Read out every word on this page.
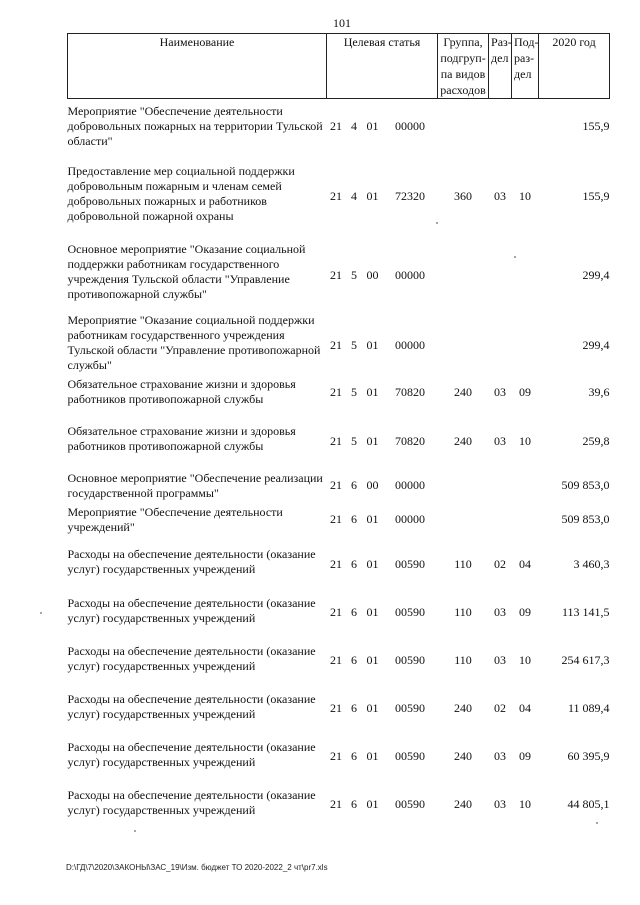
101
Наименование	Целевая статья				Группа, подгруп-па видов расходов	Раз-дел	Под-раз-дел	2020 год
Мероприятие "Обеспечение деятельности добровольных пожарных на территории Тульской области"	21	4	01	00000				155,9
Предоставление мер социальной поддержки добровольным пожарным и членам семей добровольных пожарных и работников добровольной пожарной охраны	21	4	01	72320	360	03	10	155,9
Основное мероприятие "Оказание социальной поддержки работникам государственного учреждения Тульской области "Управление противопожарной службы"	21	5	00	00000				299,4
Мероприятие "Оказание социальной поддержки работникам государственного учреждения Тульской области "Управление противопожарной службы"	21	5	01	00000				299,4
Обязательное страхование жизни и здоровья работников противопожарной службы	21	5	01	70820	240	03	09	39,6
Обязательное страхование жизни и здоровья работников противопожарной службы	21	5	01	70820	240	03	10	259,8
Основное мероприятие "Обеспечение реализации государственной программы"	21	6	00	00000				509 853,0
Мероприятие "Обеспечение деятельности учреждений"	21	6	01	00000				509 853,0
Расходы на обеспечение деятельности (оказание услуг) государственных учреждений	21	6	01	00590	110	02	04	3 460,3
Расходы на обеспечение деятельности (оказание услуг) государственных учреждений	21	6	01	00590	110	03	09	113 141,5
Расходы на обеспечение деятельности (оказание услуг) государственных учреждений	21	6	01	00590	110	03	10	254 617,3
Расходы на обеспечение деятельности (оказание услуг) государственных учреждений	21	6	01	00590	240	02	04	11 089,4
Расходы на обеспечение деятельности (оказание услуг) государственных учреждений	21	6	01	00590	240	03	09	60 395,9
Расходы на обеспечение деятельности (оказание услуг) государственных учреждений	21	6	01	00590	240	03	10	44 805,1
D:\ГД\7\2020\ЗАКОНЫ\ЗАС_19\Изм. бюджет ТО 2020-2022_2 чт\pr7.xls
